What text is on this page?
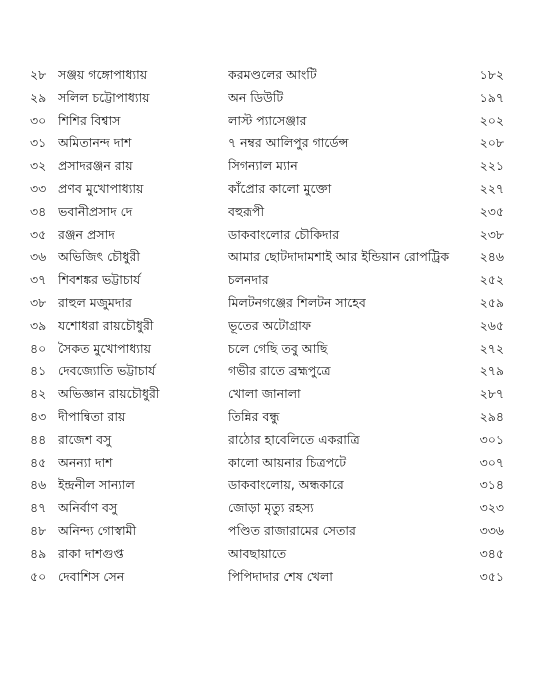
২৮ সঞ্জয় গঙ্গোপাধ্যায়	করমণ্ডলের আংটি	১৮২
২৯ সলিল চট্টোপাধ্যায়	অন ডিউটি	১৯৭
৩০ শিশির বিশ্বাস	লাস্ট প্যাসেঞ্জার	২০২
৩১ অমিতানন্দ দাশ	৭ নম্বর আলিপুর গার্ডেন্স	২০৮
৩২ প্রসাদরঞ্জন রায়	সিগন্যাল ম্যান	২২১
৩৩ প্রণব মুখোপাধ্যায়	কাঁপ্রোর কালো মুক্তো	২২৭
৩৪ ভবানীপ্রসাদ দে	বহুরূপী	২৩৫
৩৫ রঞ্জন প্রসাদ	ডাকবাংলোর চৌকিদার	২৩৮
৩৬ অভিজিৎ চৌধুরী	আমার ছোটদাদামশাই আর ইন্ডিয়ান রোপট্রিক	২৪৬
৩৭ শিবশঙ্কর ভট্টাচার্য	চলনদার	২৫২
৩৮ রাহুল মজুমদার	মিলটনগঞ্জের শিলটন সাহেব	২৫৯
৩৯ যশোধরা রায়চৌধুরী	ভূতের অটোগ্রাফ	২৬৫
৪০ সৈকত মুখোপাধ্যায়	চলে গেছি তবু আছি	২৭২
৪১ দেবজ্যোতি ভট্টাচার্য	গভীর রাতে ব্রহ্মপুত্রে	২৭৯
৪২ অভিজ্ঞান রায়চৌধুরী	খোলা জানালা	২৮৭
৪৩ দীপান্বিতা রায়	তিন্নির বন্ধু	২৯৪
৪৪ রাজেশ বসু	রাঠোর হাবেলিতে একরাত্রি	৩০১
৪৫ অনন্যা দাশ	কালো আয়নার চিত্রপটে	৩০৭
৪৬ ইন্দ্রনীল সান্যাল	ডাকবাংলোয়, অন্ধকারে	৩১৪
৪৭ অনির্বাণ বসু	জোড়া মৃত্যু রহস্য	৩২৩
৪৮ অনিন্দ্য গোস্বামী	পণ্ডিত রাজারামের সেতার	৩৩৬
৪৯ রাকা দাশগুপ্ত	আবছায়াতে	৩৪৫
৫০ দেবাশিস সেন	পিপিদাদার শেষ খেলা	৩৫১
